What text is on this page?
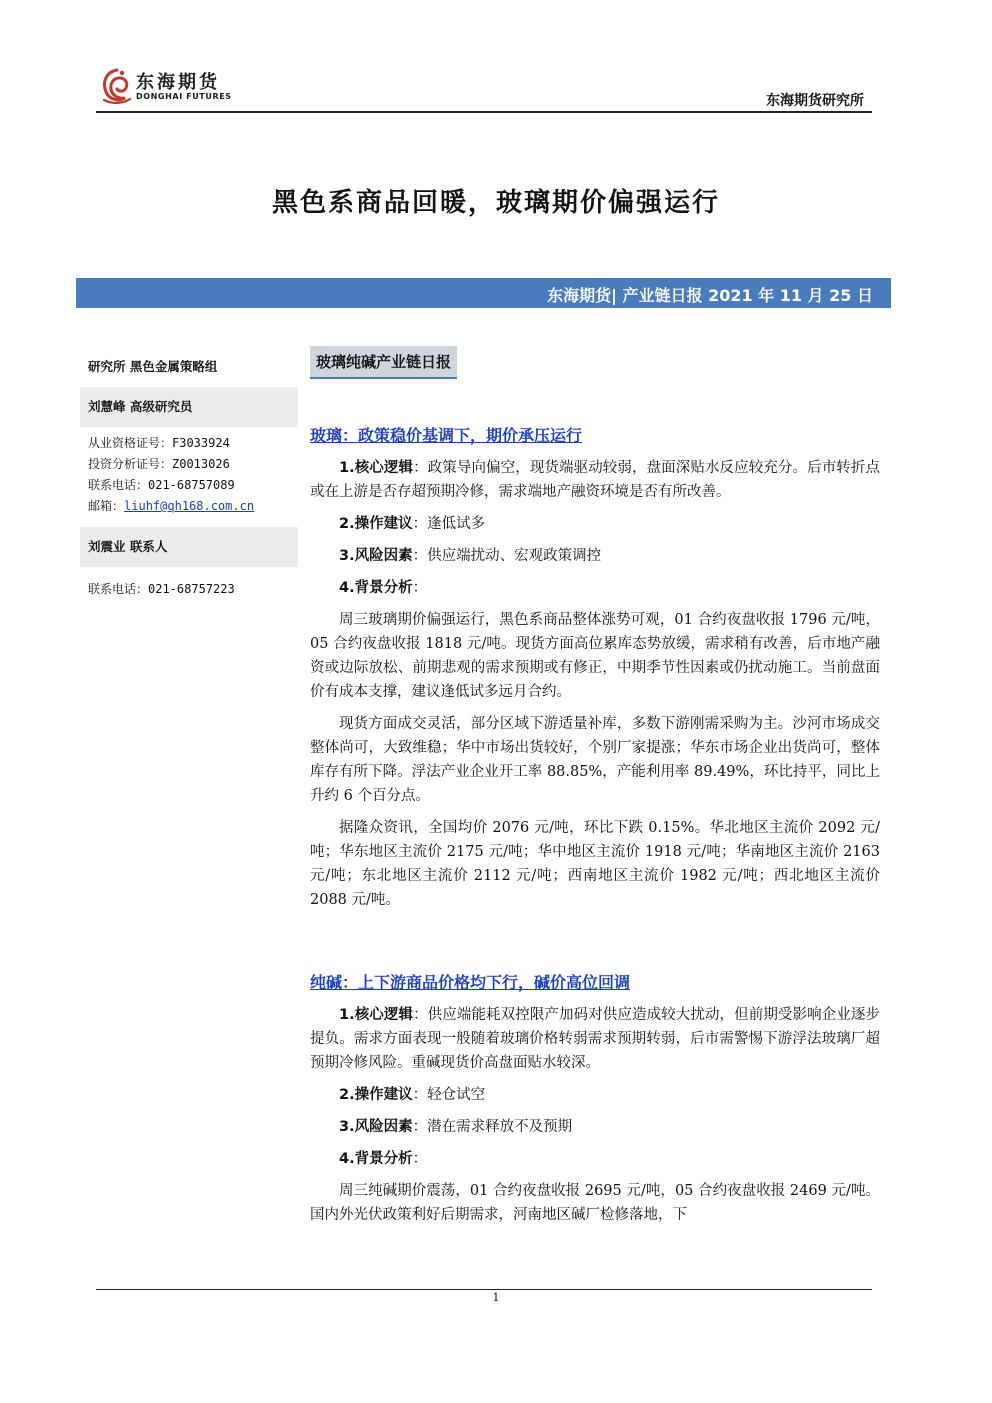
东海期货
DONGHAI FUTURES	东海期货研究所
黑色系商品回暖，玻璃期价偏强运行
东海期货| 产业链日报 2021 年 11 月 25 日
研究所 黑色金属策略组
刘慧峰 高级研究员
从业资格证号：F3033924
投资分析证号：Z0013026
联系电话：021-68757089
邮箱：liuhf@qh168.com.cn
刘震业 联系人
联系电话：021-68757223
玻璃纯碱产业链日报

玻璃：政策稳价基调下，期价承压运行

1.核心逻辑：政策导向偏空，现货端驱动较弱，盘面深贴水反应较充分。后市转折点或在上游是否存超预期冷修，需求端地产融资环境是否有所改善。

2.操作建议：逢低试多

3.风险因素：供应端扰动、宏观政策调控

4.背景分析：

周三玻璃期价偏强运行，黑色系商品整体涨势可观，01 合约夜盘收报 1796 元/吨，05 合约夜盘收报 1818 元/吨。现货方面高位累库态势放缓，需求稍有改善，后市地产融资或边际放松、前期悲观的需求预期或有修正，中期季节性因素或仍扰动施工。当前盘面价有成本支撑，建议逢低试多远月合约。

现货方面成交灵活，部分区域下游适量补库，多数下游刚需采购为主。沙河市场成交整体尚可，大致维稳；华中市场出货较好，个别厂家提涨；华东市场企业出货尚可，整体库存有所下降。浮法产业企业开工率 88.85%，产能利用率 89.49%，环比持平，同比上升约 6 个百分点。

据隆众资讯，全国均价 2076 元/吨，环比下跌 0.15%。华北地区主流价 2092 元/吨；华东地区主流价 2175 元/吨；华中地区主流价 1918 元/吨；华南地区主流价 2163 元/吨；东北地区主流价 2112 元/吨；西南地区主流价 1982 元/吨；西北地区主流价 2088 元/吨。

纯碱：上下游商品价格均下行，碱价高位回调

1.核心逻辑：供应端能耗双控限产加码对供应造成较大扰动，但前期受影响企业逐步提负。需求方面表现一般随着玻璃价格转弱需求预期转弱，后市需警惕下游浮法玻璃厂超预期冷修风险。重碱现货价高盘面贴水较深。

2.操作建议：轻仓试空

3.风险因素：潜在需求释放不及预期

4.背景分析：

周三纯碱期价震荡，01 合约夜盘收报 2695 元/吨，05 合约夜盘收报 2469 元/吨。国内外光伏政策利好后期需求，河南地区碱厂检修落地，下

1
